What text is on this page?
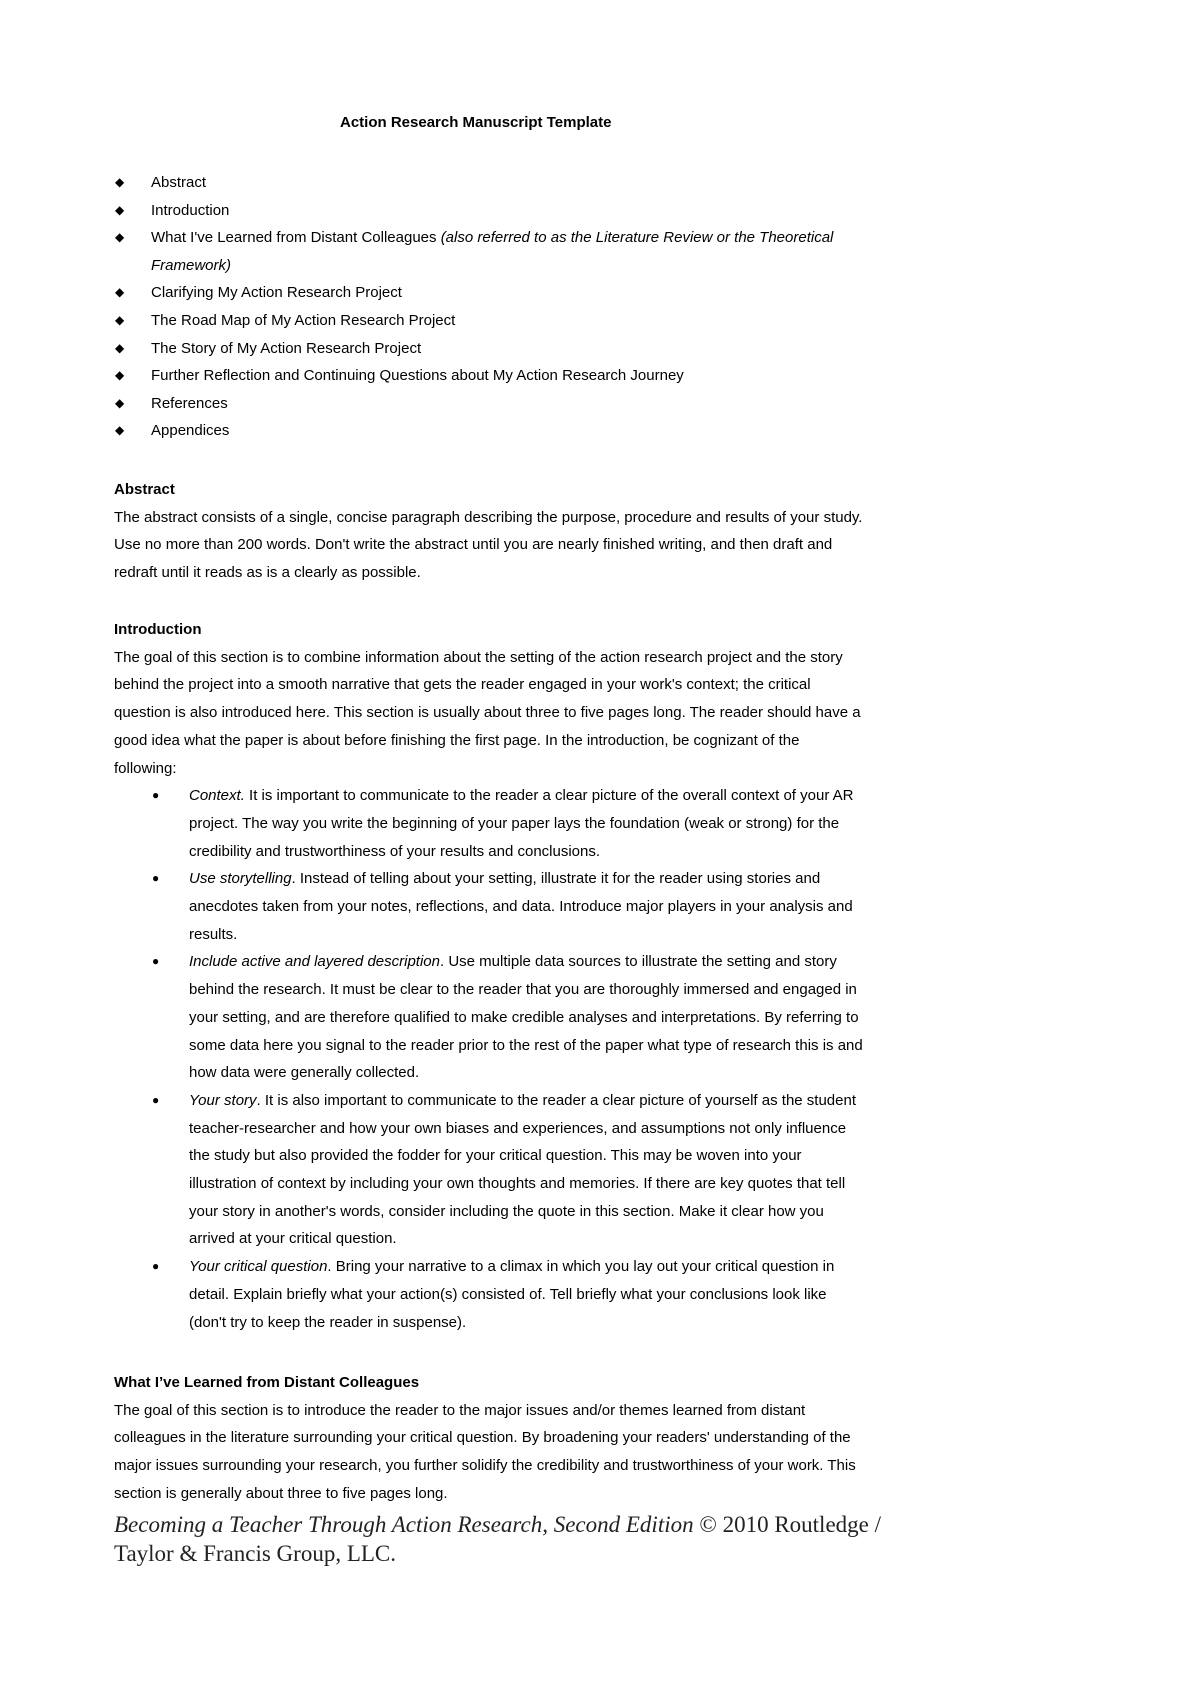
Action Research Manuscript Template
◆	Abstract
◆	Introduction
◆	What I've Learned from Distant Colleagues (also referred to as the Literature Review or the Theoretical Framework)
◆	Clarifying My Action Research Project
◆	The Road Map of My Action Research Project
◆	The Story of My Action Research Project
◆	Further Reflection and Continuing Questions about My Action Research Journey
◆	References
◆	Appendices
Abstract

The abstract consists of a single, concise paragraph describing the purpose, procedure and results of your study. Use no more than 200 words. Don't write the abstract until you are nearly finished writing, and then draft and redraft until it reads as is a clearly as possible.

Introduction

The goal of this section is to combine information about the setting of the action research project and the story behind the project into a smooth narrative that gets the reader engaged in your work's context; the critical question is also introduced here. This section is usually about three to five pages long. The reader should have a good idea what the paper is about before finishing the first page. In the introduction, be cognizant of the following:

● Context. It is important to communicate to the reader a clear picture of the overall context of your AR project. The way you write the beginning of your paper lays the foundation (weak or strong) for the credibility and trustworthiness of your results and conclusions.
● Use storytelling. Instead of telling about your setting, illustrate it for the reader using stories and anecdotes taken from your notes, reflections, and data. Introduce major players in your analysis and results.
● Include active and layered description. Use multiple data sources to illustrate the setting and story behind the research. It must be clear to the reader that you are thoroughly immersed and engaged in your setting, and are therefore qualified to make credible analyses and interpretations. By referring to some data here you signal to the reader prior to the rest of the paper what type of research this is and how data were generally collected.
● Your story. It is also important to communicate to the reader a clear picture of yourself as the student teacher-researcher and how your own biases and experiences, and assumptions not only influence the study but also provided the fodder for your critical question. This may be woven into your illustration of context by including your own thoughts and memories. If there are key quotes that tell your story in another's words, consider including the quote in this section. Make it clear how you arrived at your critical question.
● Your critical question. Bring your narrative to a climax in which you lay out your critical question in detail. Explain briefly what your action(s) consisted of. Tell briefly what your conclusions look like (don't try to keep the reader in suspense).
What I’ve Learned from Distant Colleagues

The goal of this section is to introduce the reader to the major issues and/or themes learned from distant colleagues in the literature surrounding your critical question. By broadening your readers' understanding of the major issues surrounding your research, you further solidify the credibility and trustworthiness of your work. This section is generally about three to five pages long.

Becoming a Teacher Through Action Research, Second Edition © 2010 Routledge / Taylor & Francis Group, LLC.
